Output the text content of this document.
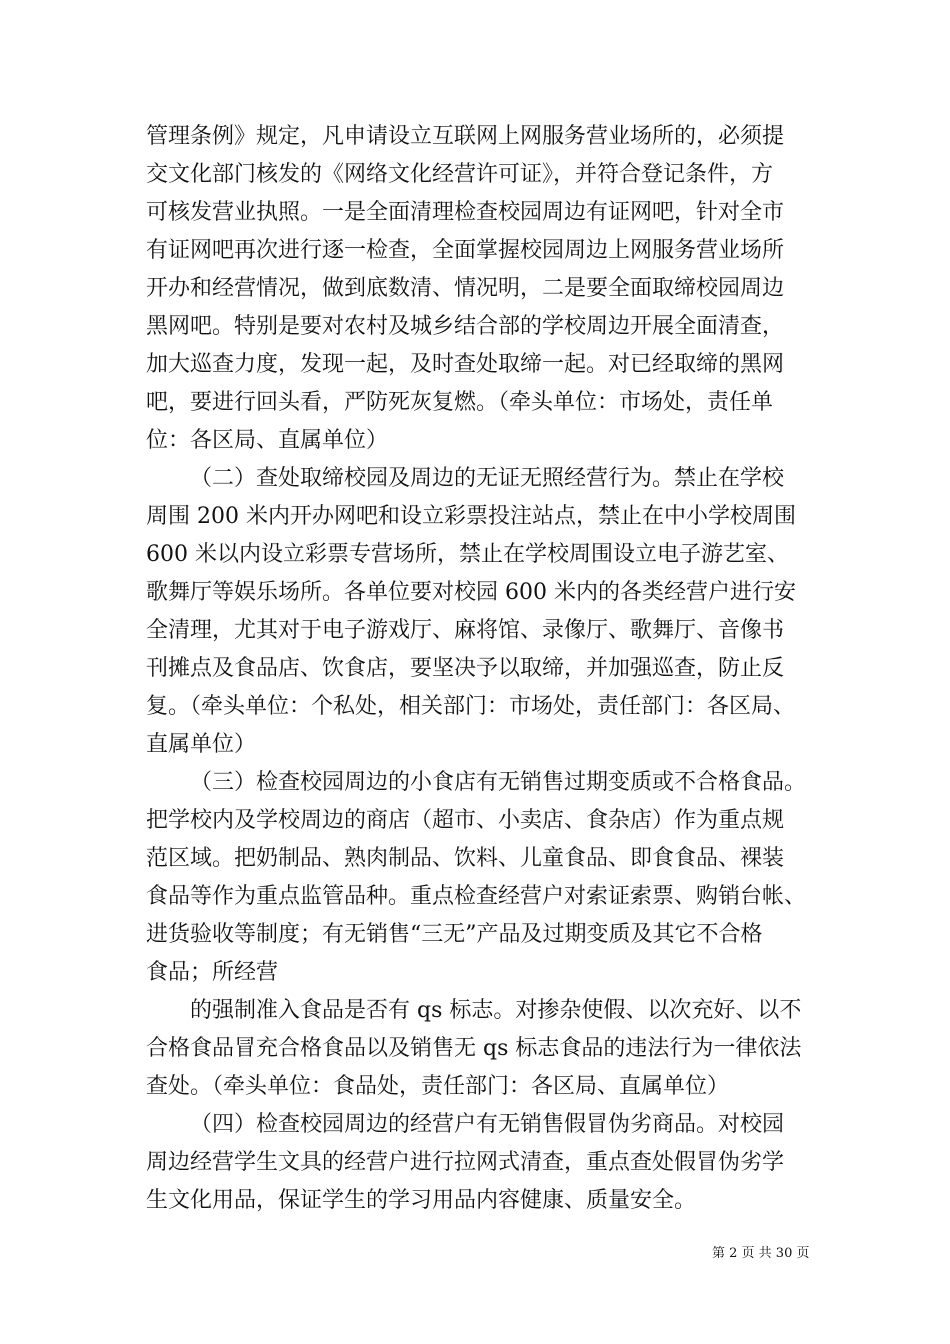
管理条例》规定，凡申请设立互联网上网服务营业场所的，必须提
交文化部门核发的《网络文化经营许可证》，并符合登记条件，方
可核发营业执照。一是全面清理检查校园周边有证网吧，针对全市
有证网吧再次进行逐一检查，全面掌握校园周边上网服务营业场所
开办和经营情况，做到底数清、情况明，二是要全面取缔校园周边
黑网吧。特别是要对农村及城乡结合部的学校周边开展全面清查，
加大巡查力度，发现一起，及时查处取缔一起。对已经取缔的黑网
吧，要进行回头看，严防死灰复燃。（牵头单位：市场处，责任单
位：各区局、直属单位）
（二）查处取缔校园及周边的无证无照经营行为。禁止在学校
周围 200 米内开办网吧和设立彩票投注站点，禁止在中小学校周围
600 米以内设立彩票专营场所，禁止在学校周围设立电子游艺室、
歌舞厅等娱乐场所。各单位要对校园 600 米内的各类经营户进行安
全清理，尤其对于电子游戏厅、麻将馆、录像厅、歌舞厅、音像书
刊摊点及食品店、饮食店，要坚决予以取缔，并加强巡查，防止反
复。（牵头单位：个私处，相关部门：市场处，责任部门：各区局、
直属单位）
（三）检查校园周边的小食店有无销售过期变质或不合格食品。
把学校内及学校周边的商店（超市、小卖店、食杂店）作为重点规
范区域。把奶制品、熟肉制品、饮料、儿童食品、即食食品、裸装
食品等作为重点监管品种。重点检查经营户对索证索票、购销台帐、
进货验收等制度；有无销售“三无”产品及过期变质及其它不合格
食品；所经营
的强制准入食品是否有 qs 标志。对掺杂使假、以次充好、以不
合格食品冒充合格食品以及销售无 qs 标志食品的违法行为一律依法
查处。（牵头单位：食品处，责任部门：各区局、直属单位）
（四）检查校园周边的经营户有无销售假冒伪劣商品。对校园
周边经营学生文具的经营户进行拉网式清查，重点查处假冒伪劣学
生文化用品，保证学生的学习用品内容健康、质量安全。
第 2 页 共 30 页
